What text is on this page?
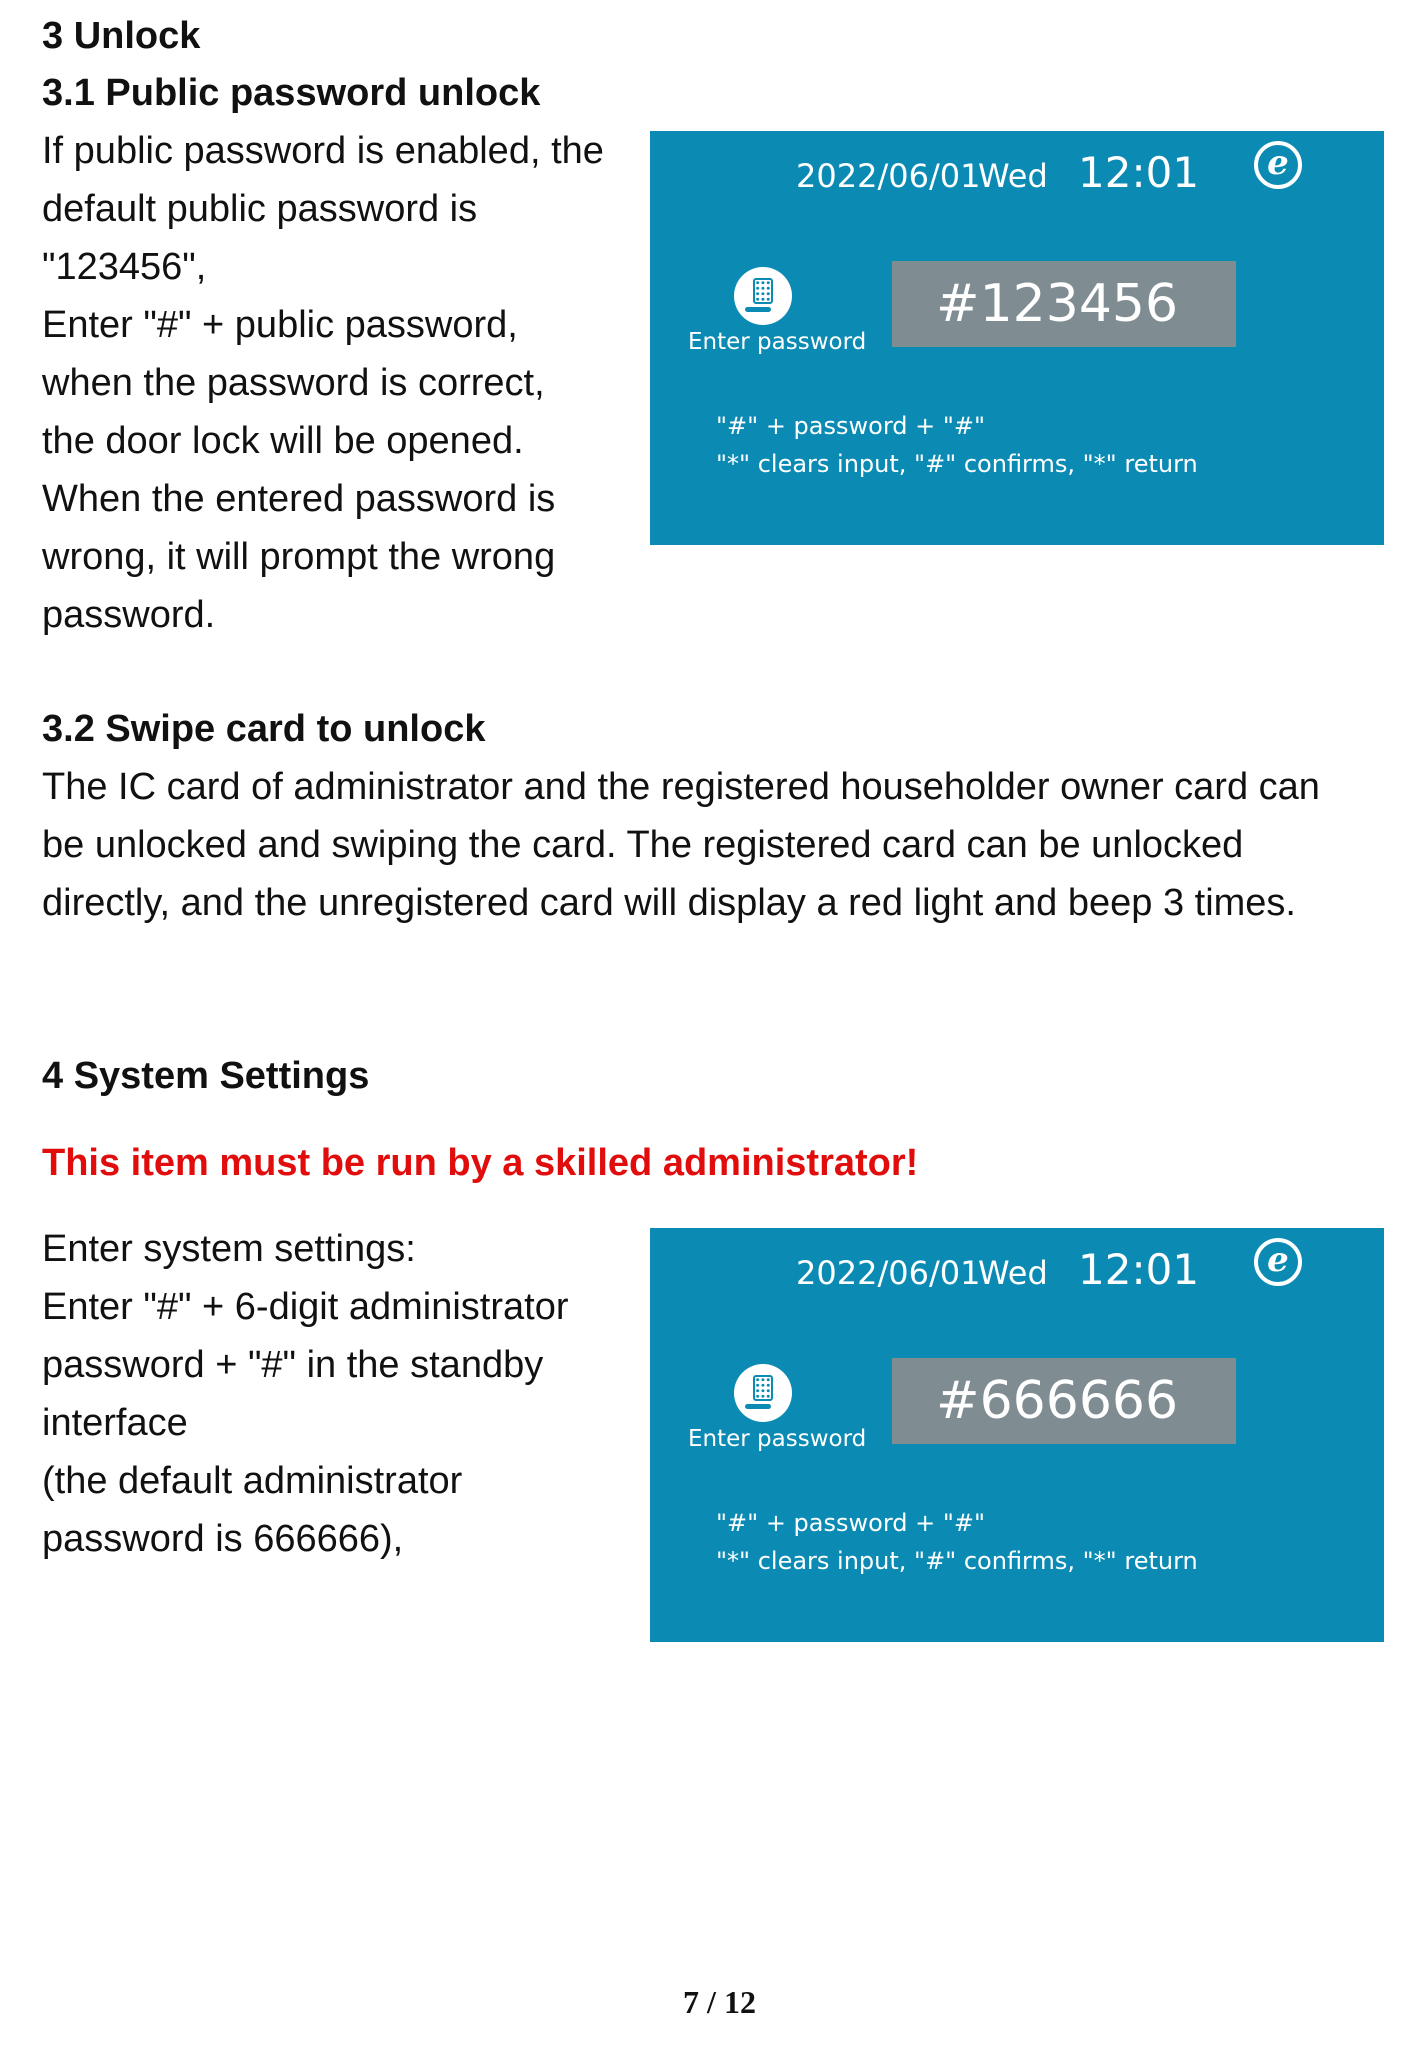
3 Unlock
3.1 Public password unlock
If public password is enabled, the
default public password is
"123456",
Enter "#" + public password,
when the password is correct,
the door lock will be opened.
When the entered password is
wrong, it will prompt the wrong
password.
2022/06/01
Wed 12:01 e
Enter password
#123456
"#" + password + "#"
"*" clears input, "#" confirms, "*" return
3.2 Swipe card to unlock
The IC card of administrator and the registered householder owner card can
be unlocked and swiping the card. The registered card can be unlocked
directly, and the unregistered card will display a red light and beep 3 times.
4 System Settings
This item must be run by a skilled administrator!
Enter system settings:
Enter "#" + 6-digit administrator
password + "#" in the standby
interface
(the default administrator
password is 666666),
2022/06/01
Wed 12:01 e
Enter password
#666666
"#" + password + "#"
"*" clears input, "#" confirms, "*" return
7 / 12
